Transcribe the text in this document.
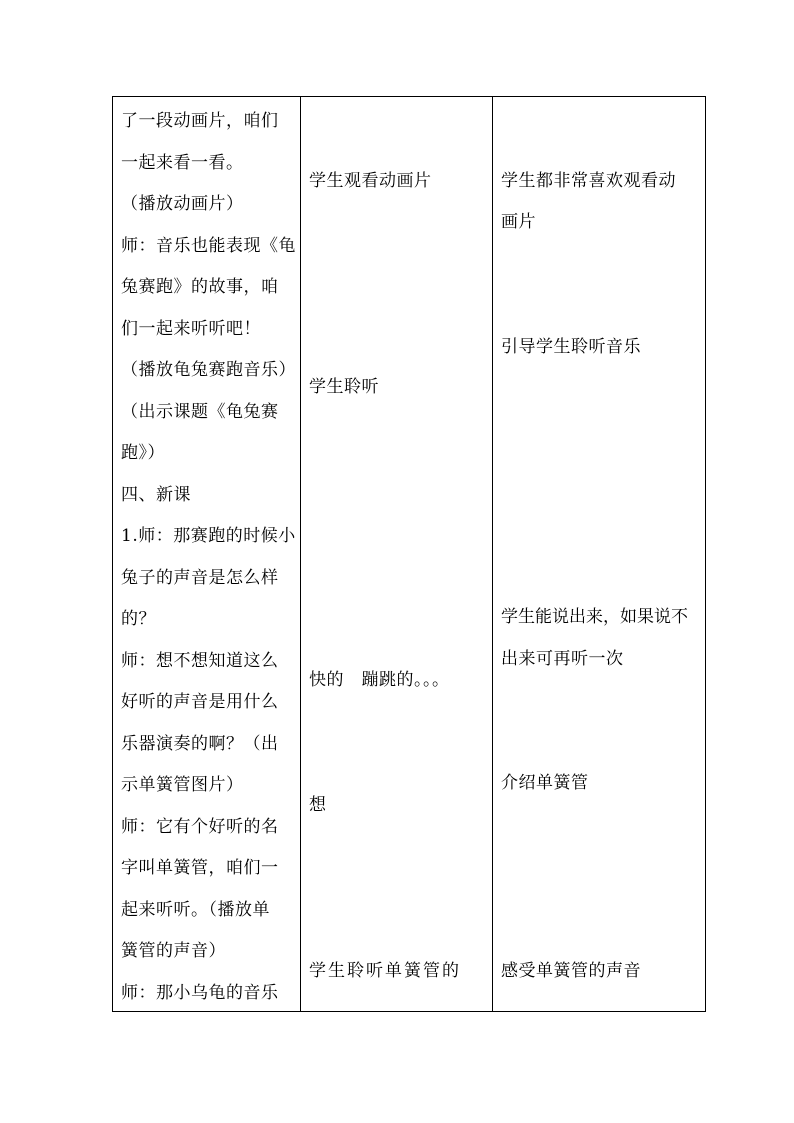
了一段动画片，咱们
一起来看一看。
（播放动画片）
师：音乐也能表现《龟
兔赛跑》的故事，咱
们一起来听听吧！
（播放龟兔赛跑音乐）
（出示课题《龟兔赛
跑》）
四、新课
1.师：那赛跑的时候小
兔子的声音是怎么样
的？
师：想不想知道这么
好听的声音是用什么
乐器演奏的啊？（出
示单簧管图片）
师：它有个好听的名
字叫单簧管，咱们一
起来听听。（播放单
簧管的声音）
师：那小乌龟的音乐
学生观看动画片
学生聆听
快的　蹦跳的。。。
想
学生聆听单簧管的
学生都非常喜欢观看动
画片
引导学生聆听音乐
学生能说出来，如果说不
出来可再听一次
介绍单簧管
感受单簧管的声音
